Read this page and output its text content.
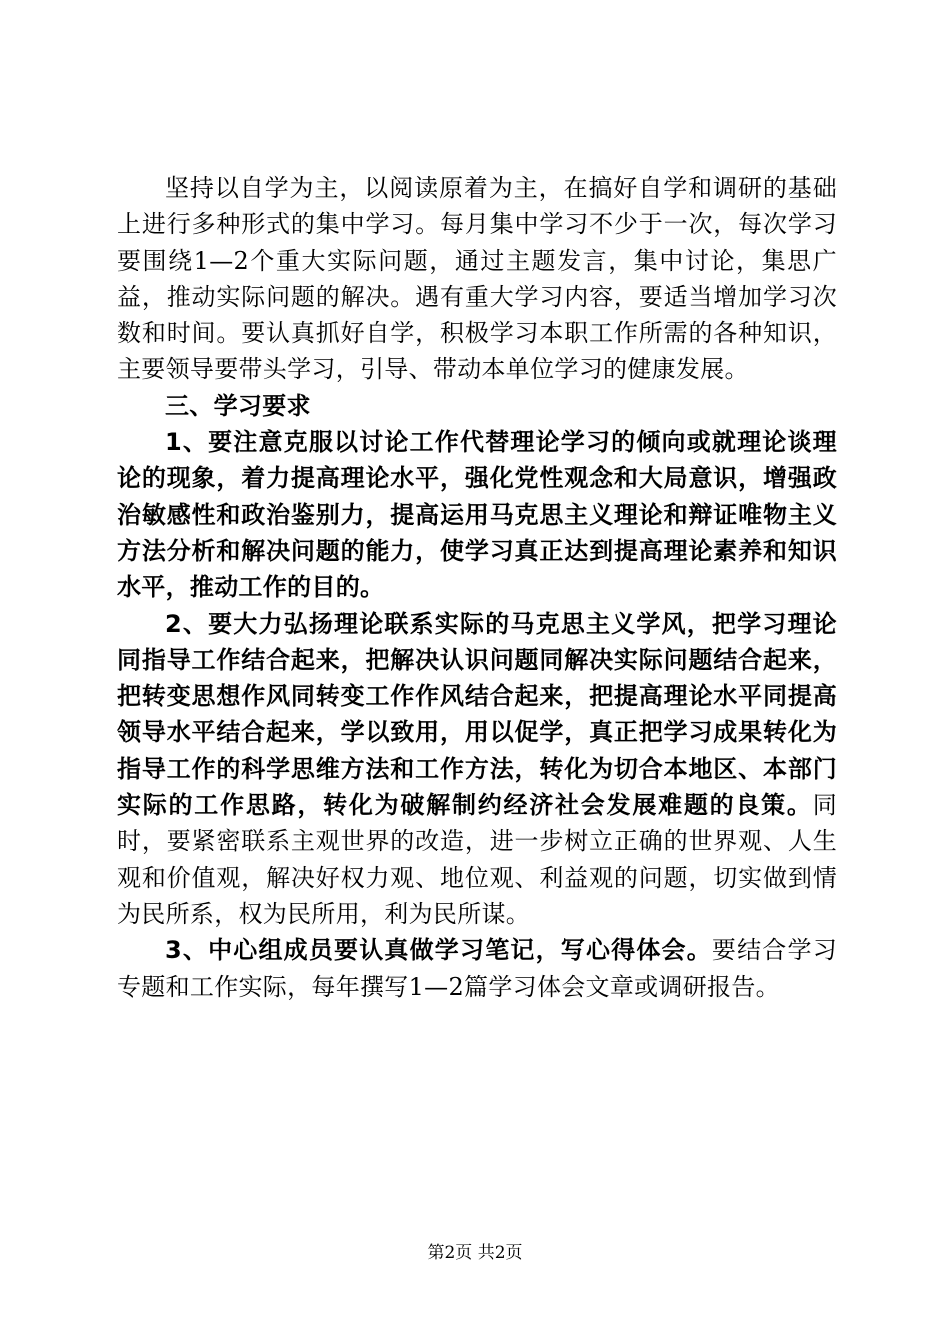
坚持以自学为主，以阅读原着为主，在搞好自学和调研的基础上进行多种形式的集中学习。每月集中学习不少于一次，每次学习要围绕1—2个重大实际问题，通过主题发言，集中讨论，集思广益，推动实际问题的解决。遇有重大学习内容，要适当增加学习次数和时间。要认真抓好自学，积极学习本职工作所需的各种知识，主要领导要带头学习，引导、带动本单位学习的健康发展。

三、学习要求

1、要注意克服以讨论工作代替理论学习的倾向或就理论谈理论的现象，着力提高理论水平，强化党性观念和大局意识，增强政治敏感性和政治鉴别力，提高运用马克思主义理论和辩证唯物主义方法分析和解决问题的能力，使学习真正达到提高理论素养和知识水平，推动工作的目的。

2、要大力弘扬理论联系实际的马克思主义学风，把学习理论同指导工作结合起来，把解决认识问题同解决实际问题结合起来，把转变思想作风同转变工作作风结合起来，把提高理论水平同提高领导水平结合起来，学以致用，用以促学，真正把学习成果转化为指导工作的科学思维方法和工作方法，转化为切合本地区、本部门实际的工作思路，转化为破解制约经济社会发展难题的良策。同时，要紧密联系主观世界的改造，进一步树立正确的世界观、人生观和价值观，解决好权力观、地位观、利益观的问题，切实做到情为民所系，权为民所用，利为民所谋。

3、中心组成员要认真做学习笔记，写心得体会。要结合学习专题和工作实际，每年撰写1—2篇学习体会文章或调研报告。

第2页 共2页
